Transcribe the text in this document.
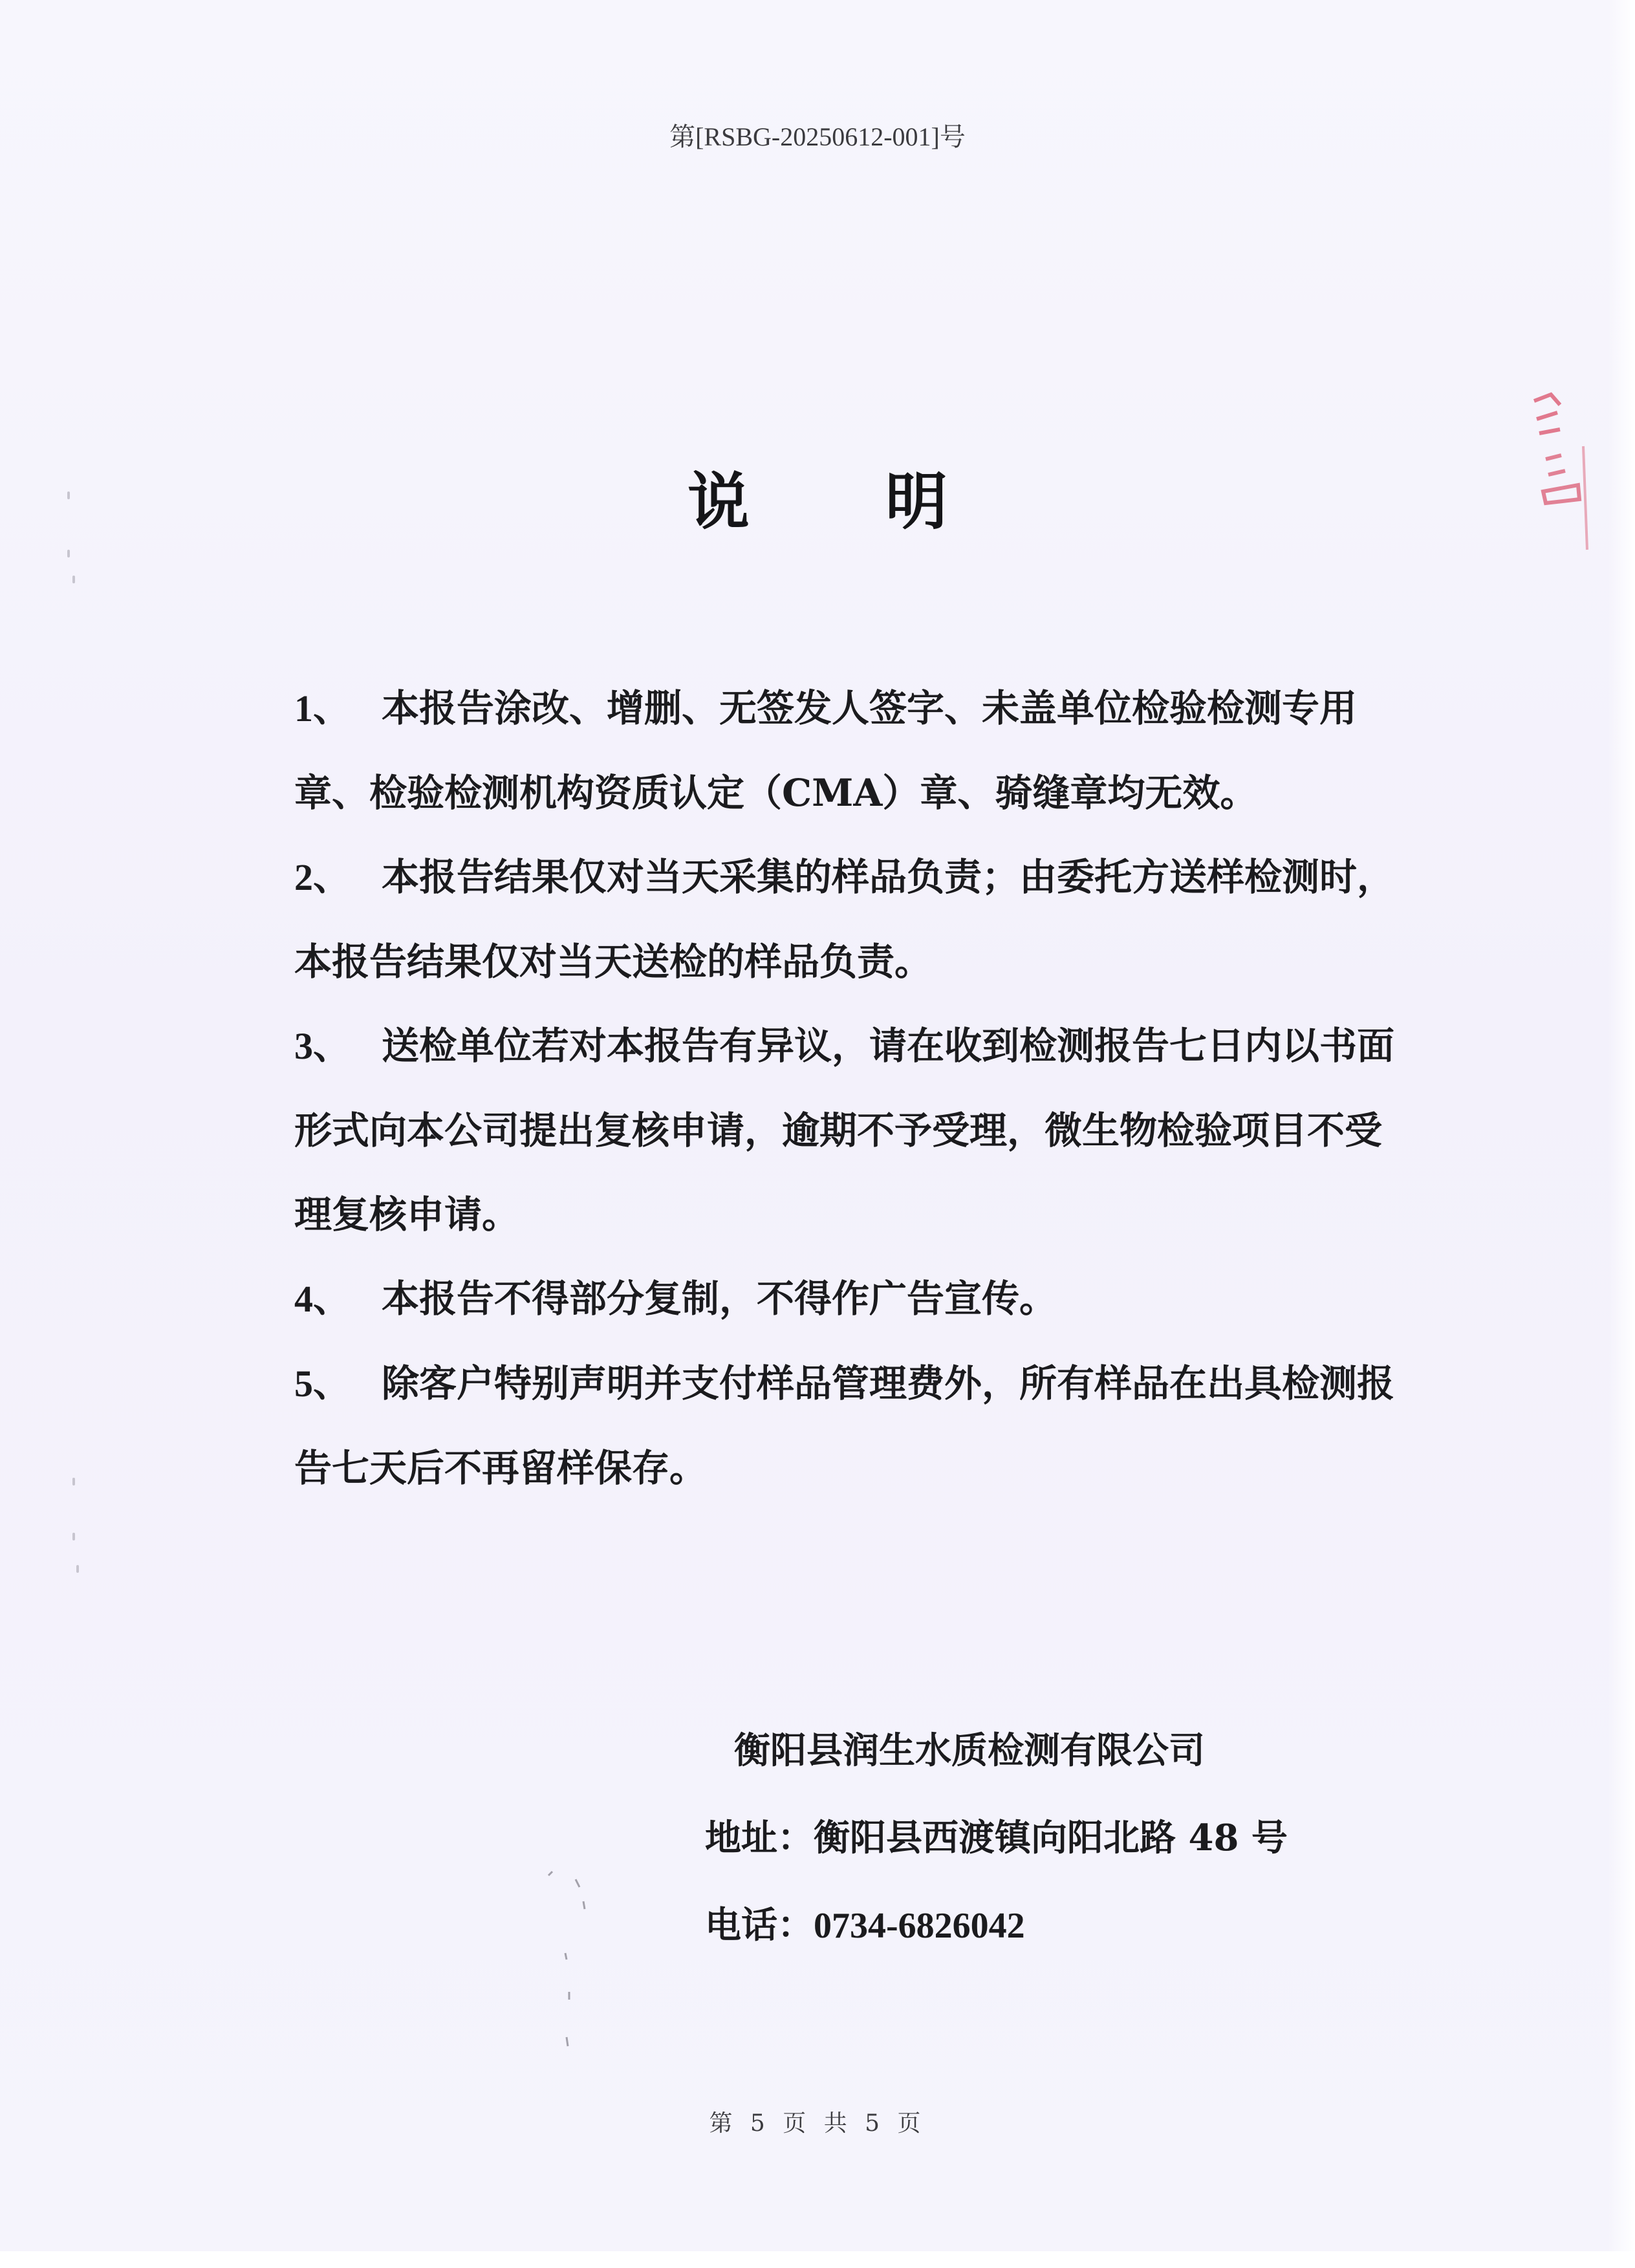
第[RSBG-20250612-001]号
说明

1、 本报告涂改、增删、无签发人签字、未盖单位检验检测专用章、检验检测机构资质认定（CMA）章、骑缝章均无效。

2、 本报告结果仅对当天采集的样品负责；由委托方送样检测时，本报告结果仅对当天送检的样品负责。

3、 送检单位若对本报告有异议，请在收到检测报告七日内以书面形式向本公司提出复核申请，逾期不予受理，微生物检验项目不受理复核申请。

4、 本报告不得部分复制，不得作广告宣传。

5、 除客户特别声明并支付样品管理费外，所有样品在出具检测报告七天后不再留样保存。

衡阳县润生水质检测有限公司
地址：衡阳县西渡镇向阳北路 48 号
电话：0734-6826042
第 5 页 共 5 页
